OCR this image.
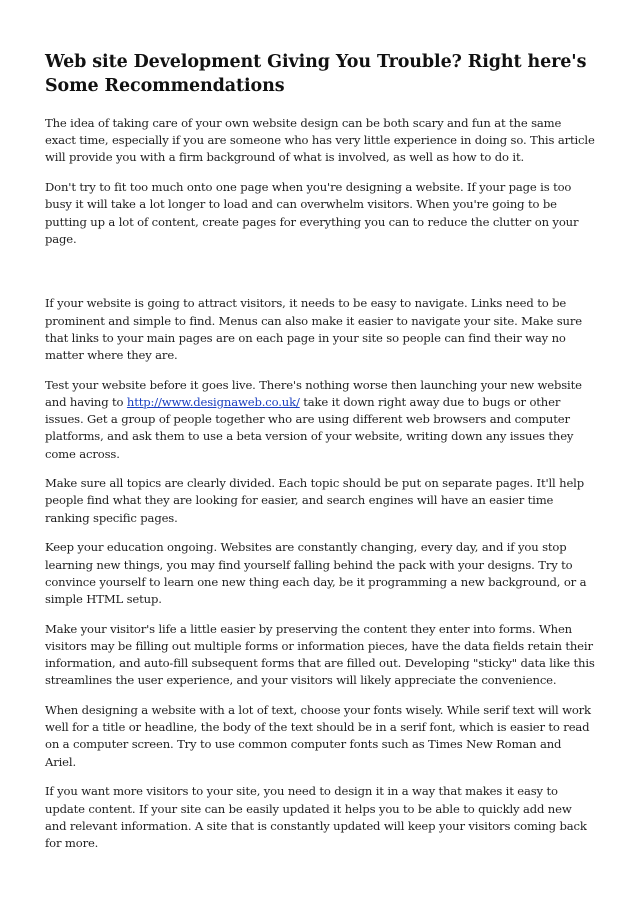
Web site Development Giving You Trouble? Right here's Some Recommendations

The idea of taking care of your own website design can be both scary and fun at the same exact time, especially if you are someone who has very little experience in doing so. This article will provide you with a firm background of what is involved, as well as how to do it.

Don't try to fit too much onto one page when you're designing a website. If your page is too busy it will take a lot longer to load and can overwhelm visitors. When you're going to be putting up a lot of content, create pages for everything you can to reduce the clutter on your page.

If your website is going to attract visitors, it needs to be easy to navigate. Links need to be prominent and simple to find. Menus can also make it easier to navigate your site. Make sure that links to your main pages are on each page in your site so people can find their way no matter where they are.

Test your website before it goes live. There's nothing worse then launching your new website and having to http://www.designaweb.co.uk/ take it down right away due to bugs or other issues. Get a group of people together who are using different web browsers and computer platforms, and ask them to use a beta version of your website, writing down any issues they come across.

Make sure all topics are clearly divided. Each topic should be put on separate pages. It'll help people find what they are looking for easier, and search engines will have an easier time ranking specific pages.

Keep your education ongoing. Websites are constantly changing, every day, and if you stop learning new things, you may find yourself falling behind the pack with your designs. Try to convince yourself to learn one new thing each day, be it programming a new background, or a simple HTML setup.

Make your visitor's life a little easier by preserving the content they enter into forms. When visitors may be filling out multiple forms or information pieces, have the data fields retain their information, and auto-fill subsequent forms that are filled out. Developing "sticky" data like this streamlines the user experience, and your visitors will likely appreciate the convenience.

When designing a website with a lot of text, choose your fonts wisely. While serif text will work well for a title or headline, the body of the text should be in a serif font, which is easier to read on a computer screen. Try to use common computer fonts such as Times New Roman and Ariel.

If you want more visitors to your site, you need to design it in a way that makes it easy to update content. If your site can be easily updated it helps you to be able to quickly add new and relevant information. A site that is constantly updated will keep your visitors coming back for more.
